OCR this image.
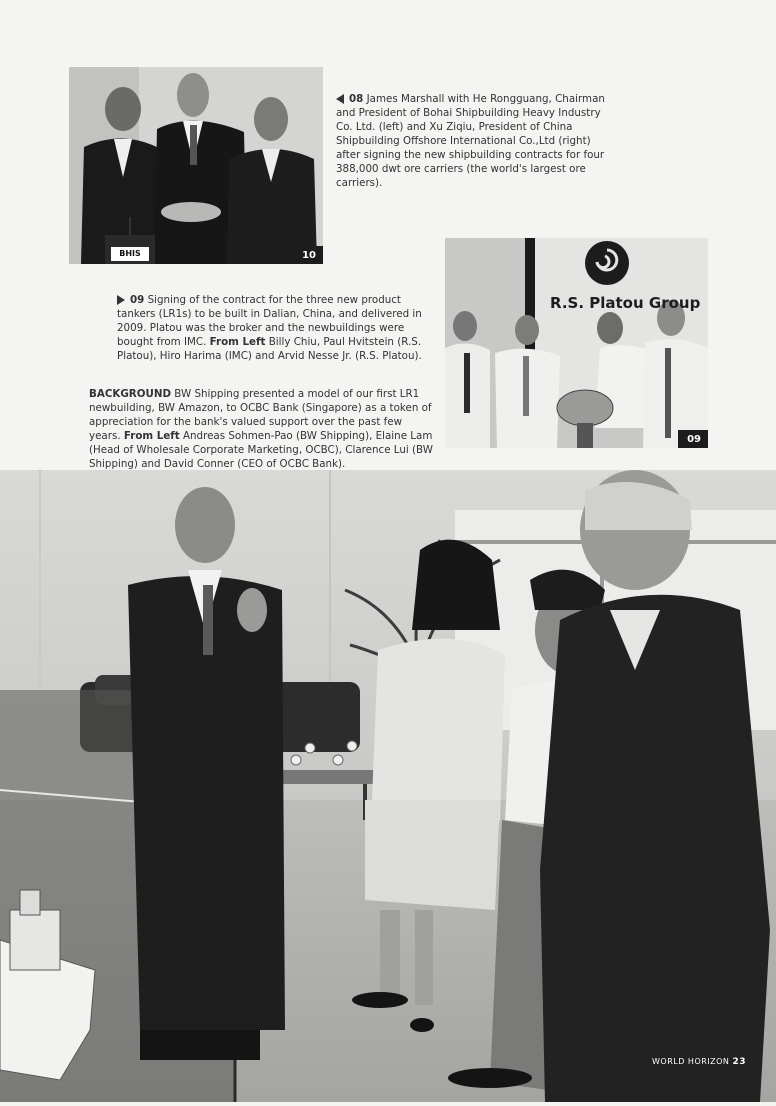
BHIS	10
08 James Marshall with He Rongguang, Chairman and President of Bohai Shipbuilding Heavy Industry Co. Ltd. (left) and Xu Ziqiu, President of China Shipbuilding Offshore International Co.,Ltd (right) after signing the new shipbuilding contracts for four 388,000 dwt ore carriers (the world's largest ore carriers).
R.S. Platou Group
09
09 Signing of the contract for the three new product tankers (LR1s) to be built in Dalian, China, and delivered in 2009. Platou was the broker and the newbuildings were bought from IMC. From Left Billy Chiu, Paul Hvitstein (R.S. Platou), Hiro Harima (IMC) and Arvid Nesse Jr. (R.S. Platou).
BACKGROUND BW Shipping presented a model of our first LR1 newbuilding, BW Amazon, to OCBC Bank (Singapore) as a token of appreciation for the bank's valued support over the past few years. From Left Andreas Sohmen-Pao (BW Shipping), Elaine Lam (Head of Wholesale Corporate Marketing, OCBC), Clarence Lui (BW Shipping) and David Conner (CEO of OCBC Bank).
WORLD HORIZON 23
